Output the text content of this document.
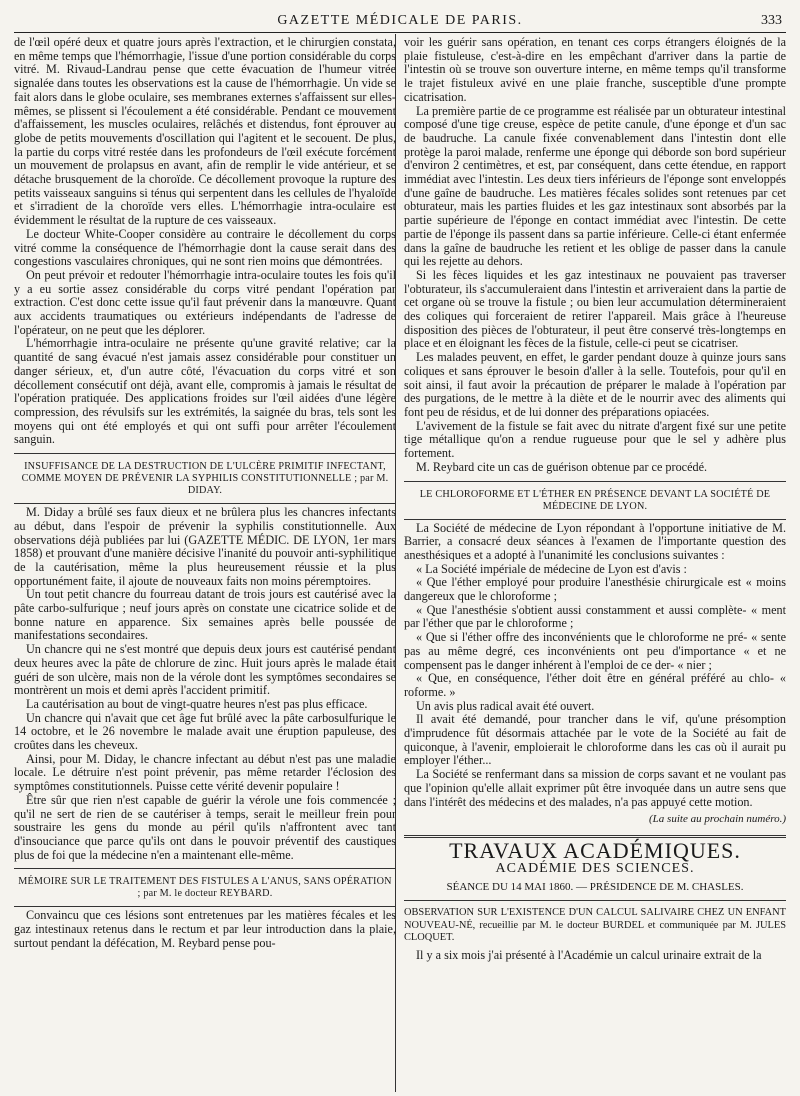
GAZETTE MÉDICALE DE PARIS.	333

de l'œil opéré deux et quatre jours après l'extraction, et le chirurgien constata, en même temps que l'hémorrhagie, l'issue d'une portion considérable du corps vitré. M. Rivaud-Landrau pense que cette évacuation de l'humeur vitrée signalée dans toutes les observations est la cause de l'hémorrhagie. Un vide se fait alors dans le globe oculaire, ses membranes externes s'affaissent sur elles-mêmes, se plissent si l'écoulement a été considérable. Pendant ce mouvement d'affaissement, les muscles oculaires, relâchés et distendus, font éprouver au globe de petits mouvements d'oscillation qui l'agitent et le secouent. De plus, la partie du corps vitré restée dans les profondeurs de l'œil exécute forcément un mouvement de prolapsus en avant, afin de remplir le vide antérieur, et se détache brusquement de la choroïde. Ce décollement provoque la rupture des petits vaisseaux sanguins si ténus qui serpentent dans les cellules de l'hyaloïde et s'irradient de la choroïde vers elles. L'hémorrhagie intra-oculaire est évidemment le résultat de la rupture de ces vaisseaux.

Le docteur White-Cooper considère au contraire le décollement du corps vitré comme la conséquence de l'hémorrhagie dont la cause serait dans des congestions vasculaires chroniques, qui ne sont rien moins que démontrées.

On peut prévoir et redouter l'hémorrhagie intra-oculaire toutes les fois qu'il y a eu sortie assez considérable du corps vitré pendant l'opération par extraction. C'est donc cette issue qu'il faut prévenir dans la manœuvre. Quant aux accidents traumatiques ou extérieurs indépendants de l'adresse de l'opérateur, on ne peut que les déplorer.

L'hémorrhagie intra-oculaire ne présente qu'une gravité relative; car la quantité de sang évacué n'est jamais assez considérable pour constituer un danger sérieux, et, d'un autre côté, l'évacuation du corps vitré et son décollement consécutif ont déjà, avant elle, compromis à jamais le résultat de l'opération pratiquée. Des applications froides sur l'œil aidées d'une légère compression, des révulsifs sur les extrémités, la saignée du bras, tels sont les moyens qui ont été employés et qui ont suffi pour arrêter l'écoulement sanguin.

INSUFFISANCE DE LA DESTRUCTION DE L'ULCÈRE PRIMITIF INFECTANT, COMME MOYEN DE PRÉVENIR LA SYPHILIS CONSTITUTIONNELLE ; par M. DIDAY.

M. Diday a brûlé ses faux dieux et ne brûlera plus les chancres infectants au début, dans l'espoir de prévenir la syphilis constitutionnelle. Aux observations déjà publiées par lui (GAZETTE MÉDIC. DE LYON, 1er mars 1858) et prouvant d'une manière décisive l'inanité du pouvoir anti-syphilitique de la cautérisation, même la plus heureusement réussie et la plus opportunément faite, il ajoute de nouveaux faits non moins péremptoires.

Un tout petit chancre du fourreau datant de trois jours est cautérisé avec la pâte carbo-sulfurique ; neuf jours après on constate une cicatrice solide et de bonne nature en apparence. Six semaines après belle poussée de manifestations secondaires.

Un chancre qui ne s'est montré que depuis deux jours est cautérisé pendant deux heures avec la pâte de chlorure de zinc. Huit jours après le malade était guéri de son ulcère, mais non de la vérole dont les symptômes secondaires se montrèrent un mois et demi après l'accident primitif.

La cautérisation au bout de vingt-quatre heures n'est pas plus efficace.

Un chancre qui n'avait que cet âge fut brûlé avec la pâte carbosulfurique le 14 octobre, et le 26 novembre le malade avait une éruption papuleuse, des croûtes dans les cheveux.

Ainsi, pour M. Diday, le chancre infectant au début n'est pas une maladie locale. Le détruire n'est point prévenir, pas même retarder l'éclosion des symptômes constitutionnels. Puisse cette vérité devenir populaire !

Être sûr que rien n'est capable de guérir la vérole une fois commencée ; qu'il ne sert de rien de se cautériser à temps, serait le meilleur frein pour soustraire les gens du monde au péril qu'ils n'affrontent avec tant d'insouciance que parce qu'ils ont dans le pouvoir préventif des caustiques plus de foi que la médecine n'en a maintenant elle-même.

MÉMOIRE SUR LE TRAITEMENT DES FISTULES A L'ANUS, SANS OPÉRATION ; par M. le docteur REYBARD.

Convaincu que ces lésions sont entretenues par les matières fécales et les gaz intestinaux retenus dans le rectum et par leur introduction dans la plaie, surtout pendant la défécation, M. Reybard pense pou-

voir les guérir sans opération, en tenant ces corps étrangers éloignés de la plaie fistuleuse, c'est-à-dire en les empêchant d'arriver dans la partie de l'intestin où se trouve son ouverture interne, en même temps qu'il transforme le trajet fistuleux avivé en une plaie franche, susceptible d'une prompte cicatrisation.

La première partie de ce programme est réalisée par un obturateur intestinal composé d'une tige creuse, espèce de petite canule, d'une éponge et d'un sac de baudruche. La canule fixée convenablement dans l'intestin dont elle protège la paroi malade, renferme une éponge qui déborde son bord supérieur d'environ 2 centimètres, et est, par conséquent, dans cette étendue, en rapport immédiat avec l'intestin. Les deux tiers inférieurs de l'éponge sont enveloppés d'une gaîne de baudruche. Les matières fécales solides sont retenues par cet obturateur, mais les parties fluides et les gaz intestinaux sont absorbés par la partie supérieure de l'éponge en contact immédiat avec l'intestin. De cette partie de l'éponge ils passent dans sa partie inférieure. Celle-ci étant enfermée dans la gaîne de baudruche les retient et les oblige de passer dans la canule qui les rejette au dehors.

Si les fèces liquides et les gaz intestinaux ne pouvaient pas traverser l'obturateur, ils s'accumuleraient dans l'intestin et arriveraient dans la partie de cet organe où se trouve la fistule ; ou bien leur accumulation détermineraient des coliques qui forceraient de retirer l'appareil. Mais grâce à l'heureuse disposition des pièces de l'obturateur, il peut être conservé très-longtemps en place et en éloignant les fèces de la fistule, celle-ci peut se cicatriser.

Les malades peuvent, en effet, le garder pendant douze à quinze jours sans coliques et sans éprouver le besoin d'aller à la selle. Toutefois, pour qu'il en soit ainsi, il faut avoir la précaution de préparer le malade à l'opération par des purgations, de le mettre à la diète et de le nourrir avec des aliments qui font peu de résidus, et de lui donner des préparations opiacées.

L'avivement de la fistule se fait avec du nitrate d'argent fixé sur une petite tige métallique qu'on a rendue rugueuse pour que le sel y adhère plus fortement.

M. Reybard cite un cas de guérison obtenue par ce procédé.

LE CHLOROFORME ET L'ÉTHER EN PRÉSENCE DEVANT LA SOCIÉTÉ DE MÉDECINE DE LYON.

La Société de médecine de Lyon répondant à l'opportune initiative de M. Barrier, a consacré deux séances à l'examen de l'importante question des anesthésiques et a adopté à l'unanimité les conclusions suivantes :

« La Société impériale de médecine de Lyon est d'avis :

« Que l'éther employé pour produire l'anesthésie chirurgicale est « moins dangereux que le chloroforme ;

« Que l'anesthésie s'obtient aussi constamment et aussi complète- « ment par l'éther que par le chloroforme ;

« Que si l'éther offre des inconvénients que le chloroforme ne pré- « sente pas au même degré, ces inconvénients ont peu d'importance « et ne compensent pas le danger inhérent à l'emploi de ce der- « nier ;

« Que, en conséquence, l'éther doit être en général préféré au chlo- « roforme. »

Un avis plus radical avait été ouvert.

Il avait été demandé, pour trancher dans le vif, qu'une présomption d'imprudence fût désormais attachée par le vote de la Société au fait de quiconque, à l'avenir, emploierait le chloroforme dans les cas où il aurait pu employer l'éther...

La Société se renfermant dans sa mission de corps savant et ne voulant pas que l'opinion qu'elle allait exprimer pût être invoquée dans un autre sens que dans l'intérêt des médecins et des malades, n'a pas appuyé cette motion.

(La suite au prochain numéro.)
TRAVAUX ACADÉMIQUES.
ACADÉMIE DES SCIENCES.
SÉANCE DU 14 MAI 1860. — PRÉSIDENCE DE M. CHASLES.
OBSERVATION SUR L'EXISTENCE D'UN CALCUL SALIVAIRE CHEZ UN ENFANT NOUVEAU-NÉ, recueillie par M. le docteur BURDEL et communiquée par M. JULES CLOQUET.

Il y a six mois j'ai présenté à l'Académie un calcul urinaire extrait de la
